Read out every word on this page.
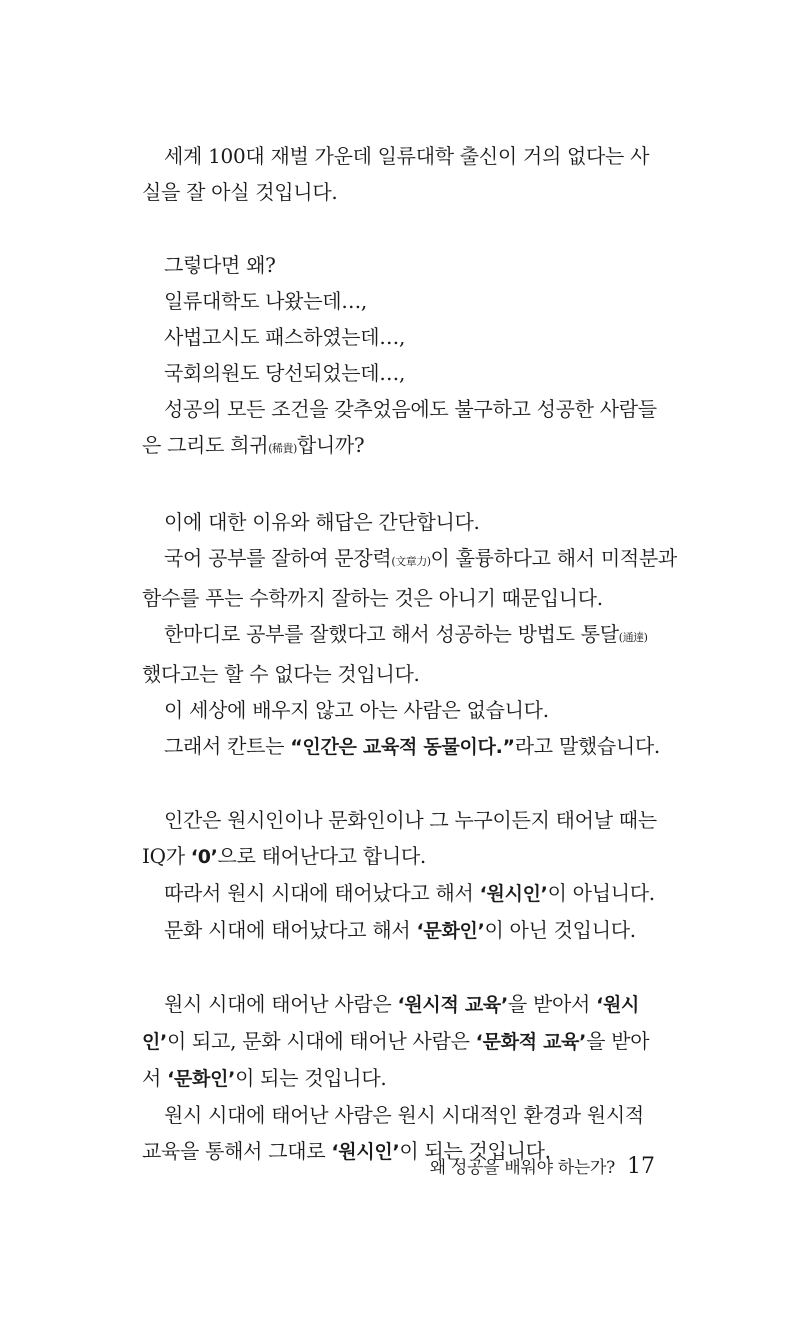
세계 100대 재벌 가운데 일류대학 출신이 거의 없다는 사
실을 잘 아실 것입니다.
그렇다면 왜?
일류대학도 나왔는데…,
사법고시도 패스하였는데…,
국회의원도 당선되었는데…,
성공의 모든 조건을 갖추었음에도 불구하고 성공한 사람들
은 그리도 희귀(稀貴)합니까?
이에 대한 이유와 해답은 간단합니다.
국어 공부를 잘하여 문장력(文章力)이 훌륭하다고 해서 미적분과
함수를 푸는 수학까지 잘하는 것은 아니기 때문입니다.
한마디로 공부를 잘했다고 해서 성공하는 방법도 통달(通達)
했다고는 할 수 없다는 것입니다.
이 세상에 배우지 않고 아는 사람은 없습니다.
그래서 칸트는 “인간은 교육적 동물이다.”라고 말했습니다.
인간은 원시인이나 문화인이나 그 누구이든지 태어날 때는
IQ가 ‘0’으로 태어난다고 합니다.
따라서 원시 시대에 태어났다고 해서 ‘원시인’이 아닙니다.
문화 시대에 태어났다고 해서 ‘문화인’이 아닌 것입니다.
원시 시대에 태어난 사람은 ‘원시적 교육’을 받아서 ‘원시
인’이 되고, 문화 시대에 태어난 사람은 ‘문화적 교육’을 받아
서 ‘문화인’이 되는 것입니다.
원시 시대에 태어난 사람은 원시 시대적인 환경과 원시적
교육을 통해서 그대로 ‘원시인’이 되는 것입니다.
왜 성공을 배워야 하는가? 17
